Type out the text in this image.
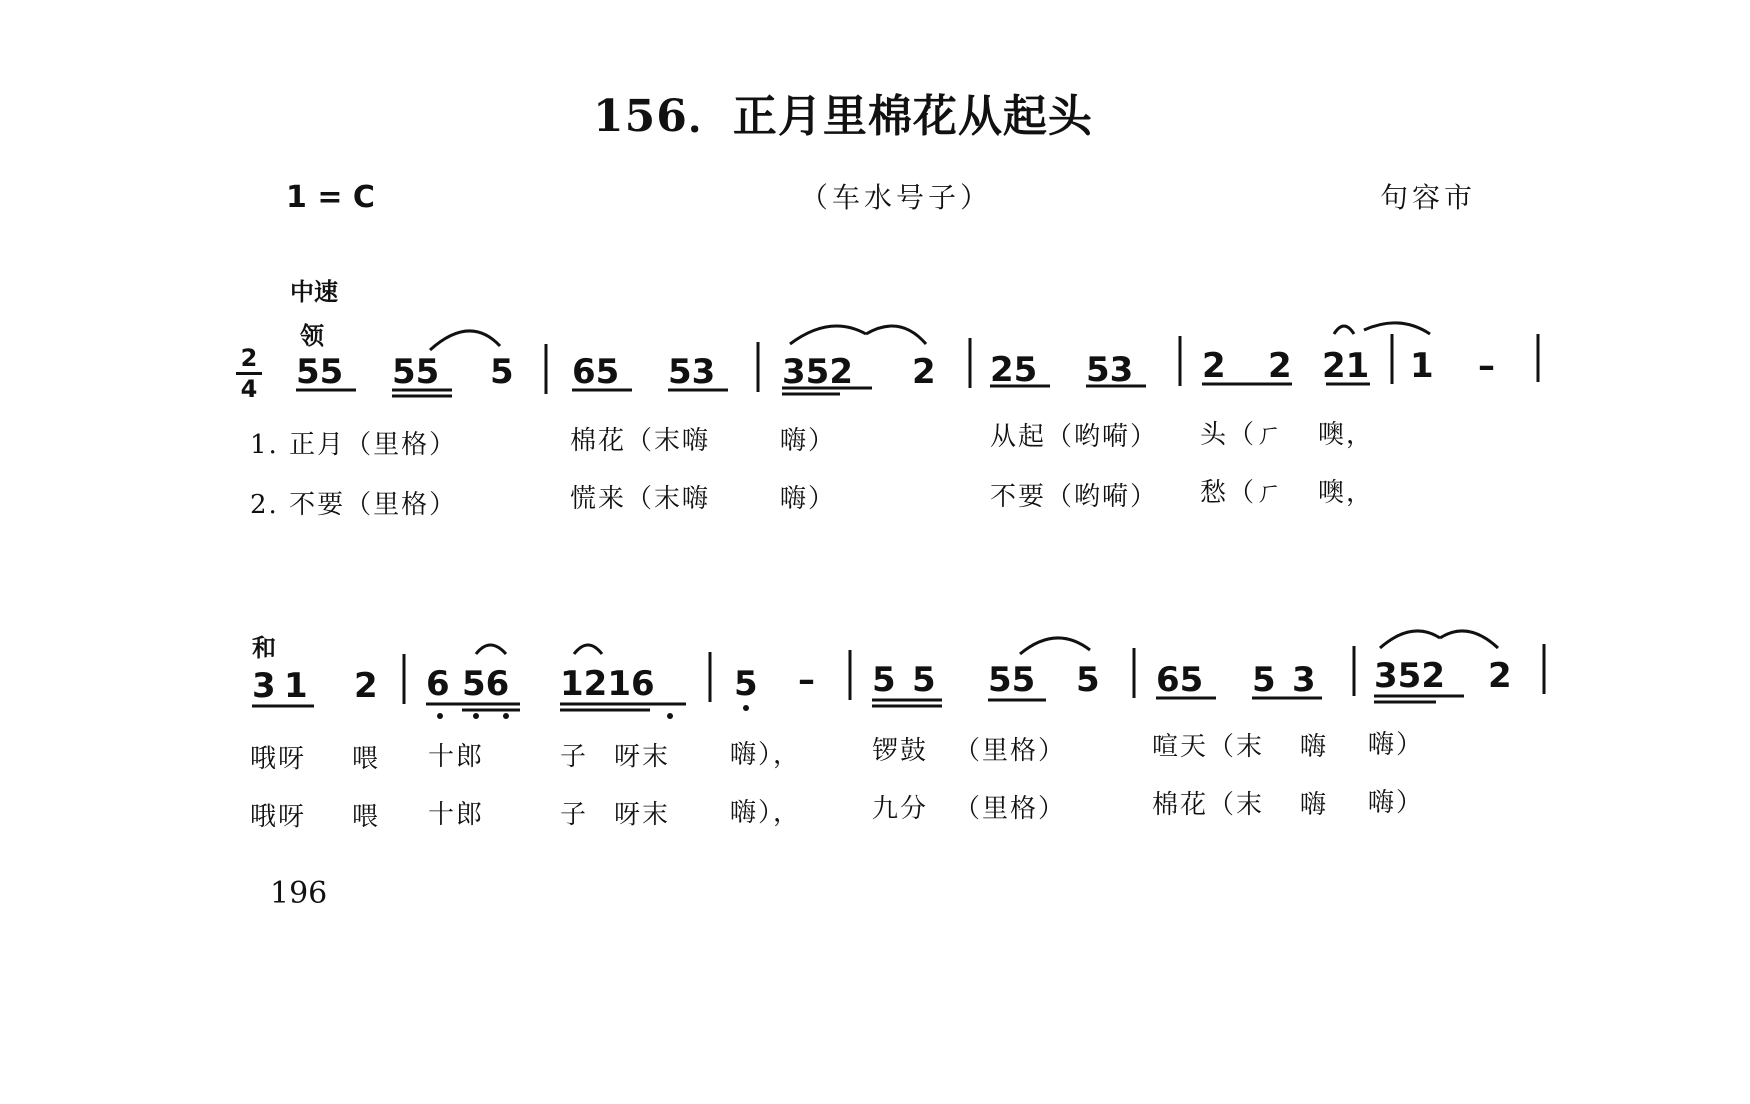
156．正月里棉花从起头
1 = C	（车水号子）	句容市
中速
领
和
2
4 55 55 5 65 53 352 2 25 53 2 2 21 1 –
1. 正月（里格）	棉花（末嗨	嗨）	从起（哟嗬） 头（ㄏ 噢，
2. 不要（里格）	慌来（末嗨	嗨）	不要（哟嗬） 愁（ㄏ 噢，
3 1 2 6 56 1216 5 – 5 5 55 5 65 5 3 352 2
哦呀 喂 十郎	子 呀末 嗨），	锣鼓 （里格）	喧天（末 嗨 嗨）
哦呀 喂 十郎	子 呀末 嗨），	九分 （里格）	棉花（末 嗨 嗨）
196
